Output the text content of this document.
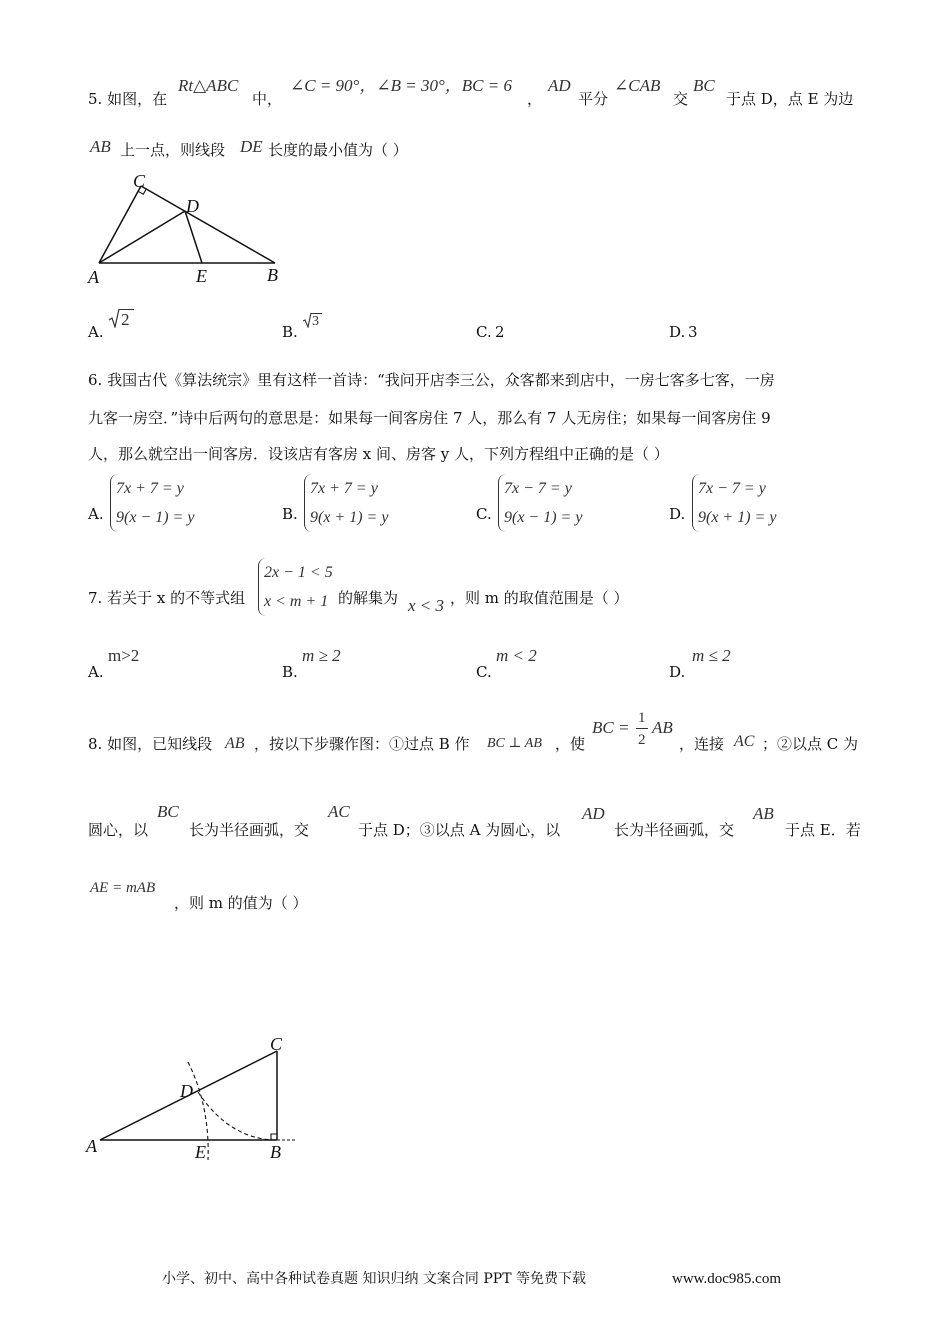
5. 如图，在
Rt△ABC
中，
∠C = 90°，∠B = 30°，BC = 6
，
AD
平分
∠CAB
交
BC
于点 D，点 E 为边
AB 上一点，则线段 DE 长度的最小值为（ ）
C
D
A	E	B
A.
2
B.
3
C. 2	D. 3
6. 我国古代《算法统宗》里有这样一首诗：“我问开店李三公，众客都来到店中，一房七客多七客，一房
九客一房空．”诗中后两句的意思是：如果每一间客房住 7 人，那么有 7 人无房住；如果每一间客房住 9
人，那么就空出一间客房．设该店有客房 x 间、房客 y 人，下列方程组中正确的是（ ）
A.
7x + 7 = y
9(x − 1) = y	B.
7x + 7 = y
9(x + 1) = y	C.
7x − 7 = y
9(x − 1) = y	D.
7x − 7 = y
9(x + 1) = y
7. 若关于 x 的不等式组
2x − 1 < 5
x < m + 1 的解集为 x < 3 ，则 m 的取值范围是（ ）
A.
m>2
B.
m ≥ 2
C.
m < 2
D.
m ≤ 2
8. 如图，已知线段 AB ，按以下步骤作图：①过点 B 作 BC ⊥ AB ，使
BC = 1
2
AB
，连接 AC ；②以点 C 为
圆心，以
BC
长为半径画弧，交
AC
于点 D；③以点 A 为圆心，以
AD
长为半径画弧，交
AB
于点 E．若
AE = mAB
，则 m 的值为（ ）
C
D
A	E	B
小学、初中、高中各种试卷真题 知识归纳 文案合同 PPT 等免费下载	www.doc985.com
